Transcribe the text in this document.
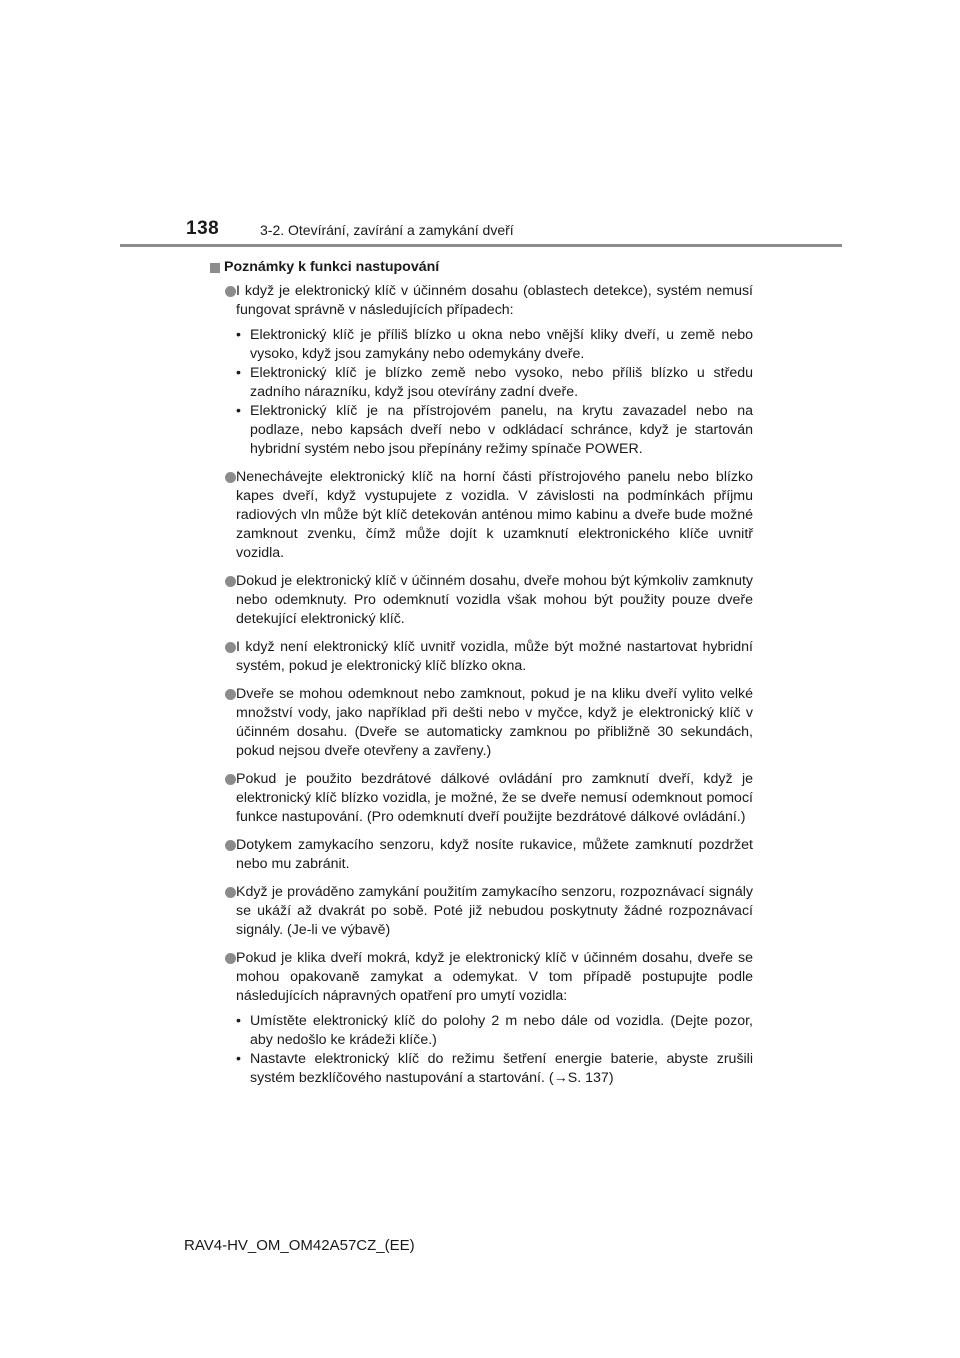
138	3-2. Otevírání, zavírání a zamykání dveří
Poznámky k funkci nastupování
I když je elektronický klíč v účinném dosahu (oblastech detekce), systém nemusí fungovat správně v následujících případech:
• Elektronický klíč je příliš blízko u okna nebo vnější kliky dveří, u země nebo vysoko, když jsou zamykány nebo odemykány dveře.
• Elektronický klíč je blízko země nebo vysoko, nebo příliš blízko u středu zadního nárazníku, když jsou otevírány zadní dveře.
• Elektronický klíč je na přístrojovém panelu, na krytu zavazadel nebo na podlaze, nebo kapsách dveří nebo v odkládací schránce, když je startován hybridní systém nebo jsou přepínány režimy spínače POWER.
Nenechávejte elektronický klíč na horní části přístrojového panelu nebo blízko kapes dveří, když vystupujete z vozidla. V závislosti na podmínkách příjmu radiových vln může být klíč detekován anténou mimo kabinu a dveře bude možné zamknout zvenku, čímž může dojít k uzamknutí elektronického klíče uvnitř vozidla.
Dokud je elektronický klíč v účinném dosahu, dveře mohou být kýmkoliv zamknuty nebo odemknuty. Pro odemknutí vozidla však mohou být použity pouze dveře detekující elektronický klíč.
I když není elektronický klíč uvnitř vozidla, může být možné nastartovat hybridní systém, pokud je elektronický klíč blízko okna.
Dveře se mohou odemknout nebo zamknout, pokud je na kliku dveří vylito velké množství vody, jako například při dešti nebo v myčce, když je elektronický klíč v účinném dosahu. (Dveře se automaticky zamknou po přibližně 30 sekundách, pokud nejsou dveře otevřeny a zavřeny.)
Pokud je použito bezdrátové dálkové ovládání pro zamknutí dveří, když je elektronický klíč blízko vozidla, je možné, že se dveře nemusí odemknout pomocí funkce nastupování. (Pro odemknutí dveří použijte bezdrátové dálkové ovládání.)
Dotykem zamykacího senzoru, když nosíte rukavice, můžete zamknutí pozdržet nebo mu zabránit.
Když je prováděno zamykání použitím zamykacího senzoru, rozpoznávací signály se ukáží až dvakrát po sobě. Poté již nebudou poskytnuty žádné rozpoznávací signály. (Je-li ve výbavě)
Pokud je klika dveří mokrá, když je elektronický klíč v účinném dosahu, dveře se mohou opakovaně zamykat a odemykat. V tom případě postupujte podle následujících nápravných opatření pro umytí vozidla:
• Umístěte elektronický klíč do polohy 2 m nebo dále od vozidla. (Dejte pozor, aby nedošlo ke krádeži klíče.)
• Nastavte elektronický klíč do režimu šetření energie baterie, abyste zrušili systém bezklíčového nastupování a startování. (→S. 137)
RAV4-HV_OM_OM42A57CZ_(EE)
